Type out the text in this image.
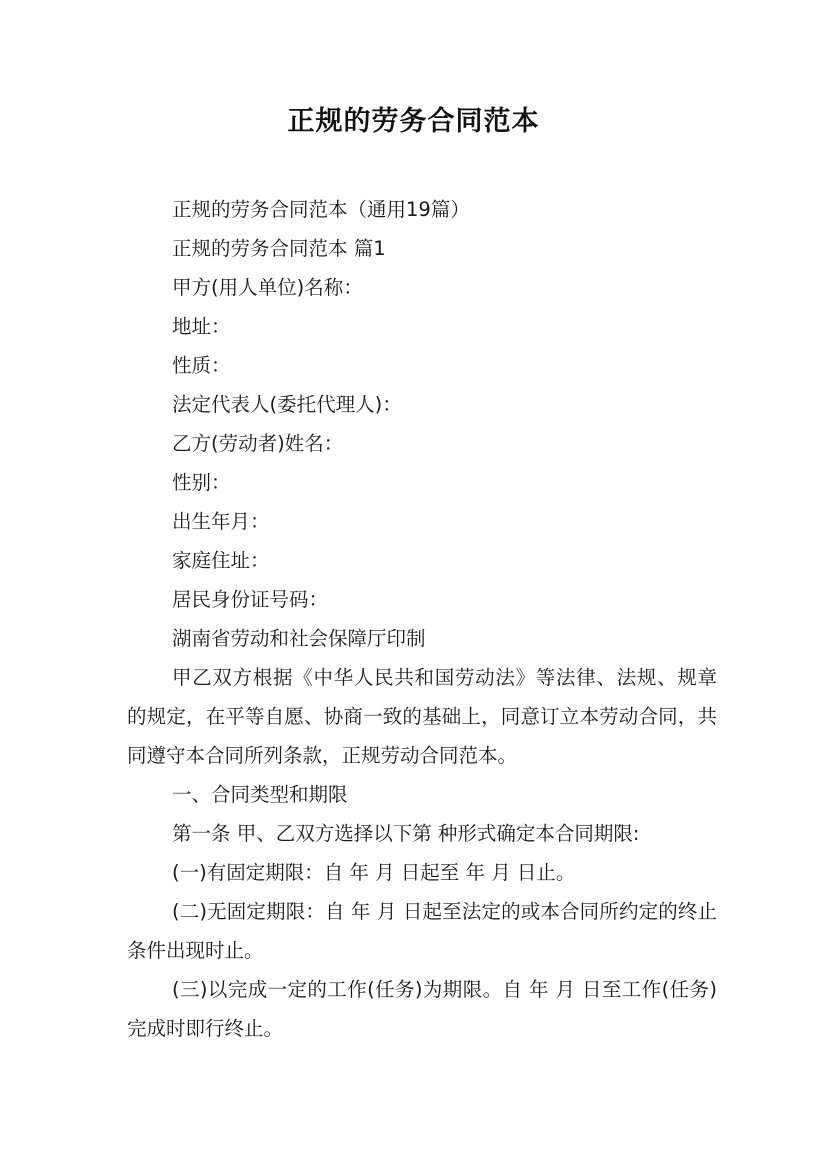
正规的劳务合同范本

正规的劳务合同范本（通用19篇）

正规的劳务合同范本 篇1

甲方(用人单位)名称：

地址：

性质：

法定代表人(委托代理人)：

乙方(劳动者)姓名：

性别：

出生年月：

家庭住址：

居民身份证号码：

湖南省劳动和社会保障厅印制

甲乙双方根据《中华人民共和国劳动法》等法律、法规、规章的规定，在平等自愿、协商一致的基础上，同意订立本劳动合同，共同遵守本合同所列条款，正规劳动合同范本。

一、合同类型和期限

第一条 甲、乙双方选择以下第 种形式确定本合同期限:

(一)有固定期限：自 年 月 日起至 年 月 日止。

(二)无固定期限：自 年 月 日起至法定的或本合同所约定的终止条件出现时止。

(三)以完成一定的工作(任务)为期限。自 年 月 日至工作(任务)完成时即行终止。
